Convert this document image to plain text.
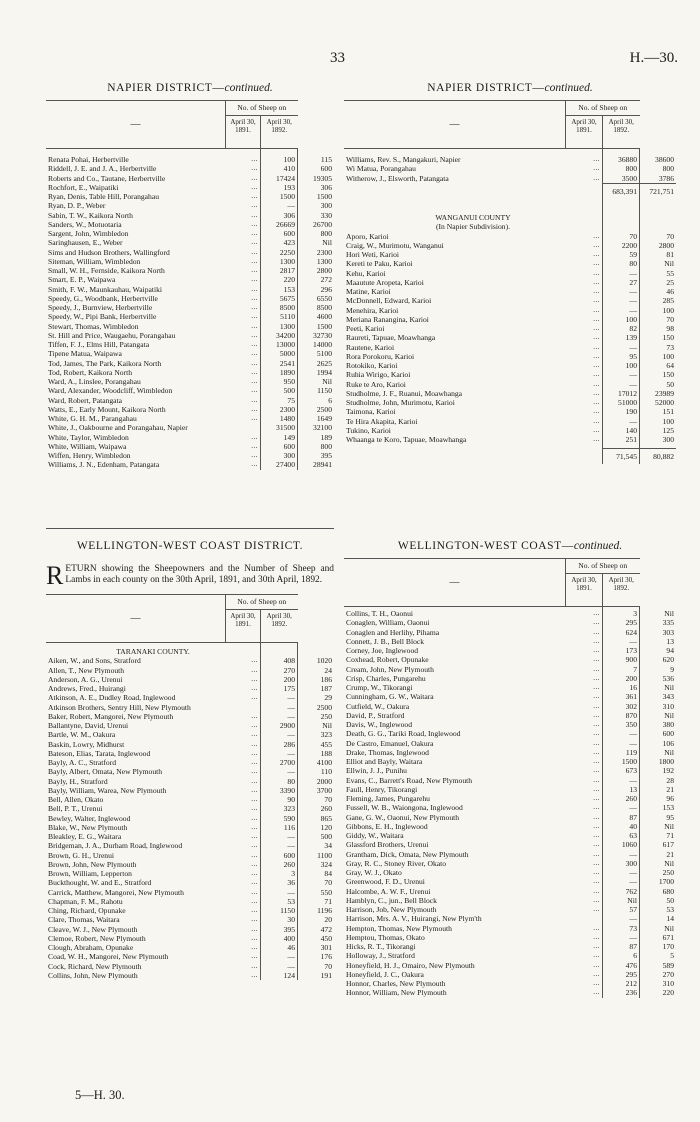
33	H.—30.
NAPIER DISTRICT—continued.
—	No. of Sheep on		
	April 30, 1891.	April 30, 1892.	

Renata Pohai, Herbertville	...	100	115
Riddell, J. E. and J. A., Herbertville	...	410	600
Roberts and Co., Tautane, Herbertville	...	17424	19305
Rochfort, E., Waipatiki	...	193	306
Ryan, Denis, Table Hill, Porangahau	...	1500	1500
Ryan, D. P., Weber	...	—	300
Sabin, T. W., Kaikora North	...	306	330
Sanders, W., Motuotaria	...	26669	26700
Sargent, John, Wimbledon	...	600	800
Saringhausen, E., Weber	...	423	Nil
Sims and Hudson Brothers, Wallingford	...	2250	2300
Siteman, William, Wimbledon	...	1300	1300
Small, W. H., Fernside, Kaikora North	...	2817	2800
Smart, E. P., Waipawa	...	220	272
Smith, F. W., Maunkauhau, Waipatiki	...	153	296
Speedy, G., Woodbank, Herbertville	...	5675	6550
Speedy, J., Burnview, Herbertville	...	8500	8500
Speedy, W., Pipi Bank, Herbertville	...	5110	4600
Stewart, Thomas, Wimbledon	...	1300	1500
St. Hill and Price, Waugaehu, Porangahau	...	34200	32730
Tiffen, F. J., Elms Hill, Patangata	...	13000	14000
Tipene Matua, Waipawa	...	5000	5100
Tod, James, The Park, Kaikora North	...	2541	2625
Tod, Robert, Kaikora North	...	1890	1994
Ward, A., Linslee, Porangahau	...	950	Nil
Ward, Alexander, Woodcliff, Wimbledon	...	500	1150
Ward, Robert, Patangata	...	75	6
Watts, E., Early Mount, Kaikora North	...	2300	2500
White, G. H. M., Parangahau	...	1480	1649
White, J., Oakbourne and Porangahau, Napier		31500	32100
White, Taylor, Wimbledon	...	149	189
White, William, Waipawa	...	600	800
Wiffen, Henry, Wimbledon	...	300	395
Williams, J. N., Edenham, Patangata	...	27400	28941
NAPIER DISTRICT—continued.
—	No. of Sheep on		
	April 30, 1891.	April 30, 1892.	

Williams, Rev. S., Mangakuri, Napier	...	36880	38600
Wi Matua, Porangahau	...	800	800
Witherow, J., Elsworth, Patangata	...	3500	3786
		683,391	721,751

WANGANUI COUNTY			
(In Napier Subdivision).			
Aporo, Karioi	...	70	70
Craig, W., Murimotu, Wanganui	...	2200	2800
Hori Weti, Karioi	...	59	81
Kereti te Paku, Karioi	...	80	Nil
Kehu, Karioi	...	—	55
Maautute Aropeta, Karioi	...	27	25
Matine, Karioi	...	—	46
McDonnell, Edward, Karioi	...	—	285
Menehira, Karioi	...	—	100
Meriana Ranangina, Karioi	...	100	70
Peeti, Karioi	...	82	98
Raureti, Tapuae, Moawhanga	...	139	150
Rautene, Karioi	...	—	73
Rora Porokoru, Karioi	...	95	100
Rotokiko, Karioi	...	100	64
Ruhia Wirigo, Karioi	...	—	150
Ruke te Aro, Karioi	...	—	50
Studholme, J. F., Ruanui, Moawhanga	...	17012	23989
Studholme, John, Murimotu, Karioi	...	51000	52000
Taimona, Karioi	...	190	151
Te Hira Akapita, Karioi	...	—	100
Tukino, Karioi	...	140	125
Whaanga te Koro, Tapuae, Moawhanga	...	251	300

		71,545	80,882
WELLINGTON-WEST COAST DISTRICT.
RETURN showing the Sheepowners and the Number of Sheep and Lambs in each county on the 30th April, 1891, and 30th April, 1892.
—	No. of Sheep on		
	April 30, 1891.	April 30, 1892.	

TARANAKI COUNTY.			
Aiken, W., and Sons, Stratford	...	408	1020
Allen, T., New Plymouth	...	270	24
Anderson, A. G., Urenui	...	200	186
Andrews, Fred., Huirangi	...	175	187
Atkinson, A. E., Dudley Road, Inglewood	...	—	29
Atkinson Brothers, Sentry Hill, New Plymouth		—	2500
Baker, Robert, Mangorei, New Plymouth	...	—	250
Ballantyne, David, Urenui	...	2900	Nil
Bartle, W. M., Oakura	...	—	323
Baskin, Lowry, Midhurst	...	286	455
Bateson, Elias, Tarata, Inglewood	...	—	188
Bayly, A. C., Stratford	...	2700	4100
Bayly, Albert, Omata, New Plymouth	...	—	110
Bayly, H., Stratford	...	80	2000
Bayly, William, Warea, New Plymouth	...	3390	3700
Bell, Allen, Okato	...	90	70
Bell, P. T., Urenui	...	323	260
Bewley, Walter, Inglewood	...	590	865
Blake, W., New Plymouth	...	116	120
Bleakley, E. G., Waitara	...	—	500
Bridgeman, J. A., Durham Road, Inglewood	...	—	34
Brown, G. H., Urenui	...	600	1100
Brown, John, New Plymouth	...	260	324
Brown, William, Lepperton	...	3	84
Buckthought, W. and E., Stratford	...	36	70
Carrick, Matthew, Mangorei, New Plymouth	...	—	550
Chapman, F. M., Rahotu	...	53	71
Ching, Richard, Opunake	...	1150	1196
Clare, Thomas, Waitara	...	30	20
Cleave, W. J., New Plymouth	...	395	472
Clemoe, Robert, New Plymouth	...	400	450
Clough, Abraham, Opunake	...	46	301
Coad, W. H., Mangorei, New Plymouth	...	—	176
Cock, Richard, New Plymouth	...	—	70
Collins, John, New Plymouth	...	124	191
WELLINGTON-WEST COAST—continued.
—	No. of Sheep on		
	April 30, 1891.	April 30, 1892.	

Collins, T. H., Oaonui	...	3	Nil
Conaglen, William, Oaonui	...	295	335
Conaglen and Herlihy, Pihama	...	624	303
Connett, J. B., Bell Block	...	—	13
Corney, Joe, Inglewood	...	173	94
Coxhead, Robert, Opunake	...	900	620
Cream, John, New Plymouth	...	7	9
Crisp, Charles, Pungarehu	...	200	536
Crump, W., Tikorangi	...	16	Nil
Cunningham, G. W., Waitara	...	361	343
Cutfield, W., Oakura	...	302	310
David, P., Stratford	...	870	Nil
Davis, W., Inglewood	...	350	380
Death, G. G., Tariki Road, Inglewood	...	—	600
De Castro, Emanuel, Oakura	...	—	106
Drake, Thomas, Inglewood	...	119	Nil
Elliot and Bayly, Waitara	...	1500	1800
Ellwin, J. J., Punihu	...	673	192
Evans, C., Barrett's Road, New Plymouth	...	—	28
Faull, Henry, Tikorangi	...	13	21
Fleming, James, Pungarehu	...	260	96
Fussell, W. B., Waiongona, Inglewood	...	—	153
Gane, G. W., Oaonui, New Plymouth	...	87	95
Gibbons, E. H., Inglewood	...	40	Nil
Giddy, W., Waitara	...	63	71
Glassford Brothers, Urenui	...	1060	617
Grantham, Dick, Omata, New Plymouth	...	—	21
Gray, R. C., Stoney River, Okato	...	300	Nil
Gray, W. J., Okato	...	—	250
Greenwood, F. D., Urenui	...	—	1700
Halcombe, A. W. F., Urenui	...	762	680
Hamblyn, C., jun., Bell Block	...	Nil	50
Harrison, Job, New Plymouth	...	57	53
Harrison, Mrs. A. V., Huirangi, New Plym'th		—	14
Hempton, Thomas, New Plymouth	...	73	Nil
Hemptou, Thomas, Okato	...	—	671
Hicks, R. T., Tikorangi	...	87	170
Holloway, J., Stratford	...	6	5
Honeyfield, H. J., Omairo, New Plymouth	...	476	589
Honeyfield, J. C., Oakura	...	295	270
Honnor, Charles, New Plymouth	...	212	310
Honnor, William, New Plymouth	...	236	220
5—H. 30.
